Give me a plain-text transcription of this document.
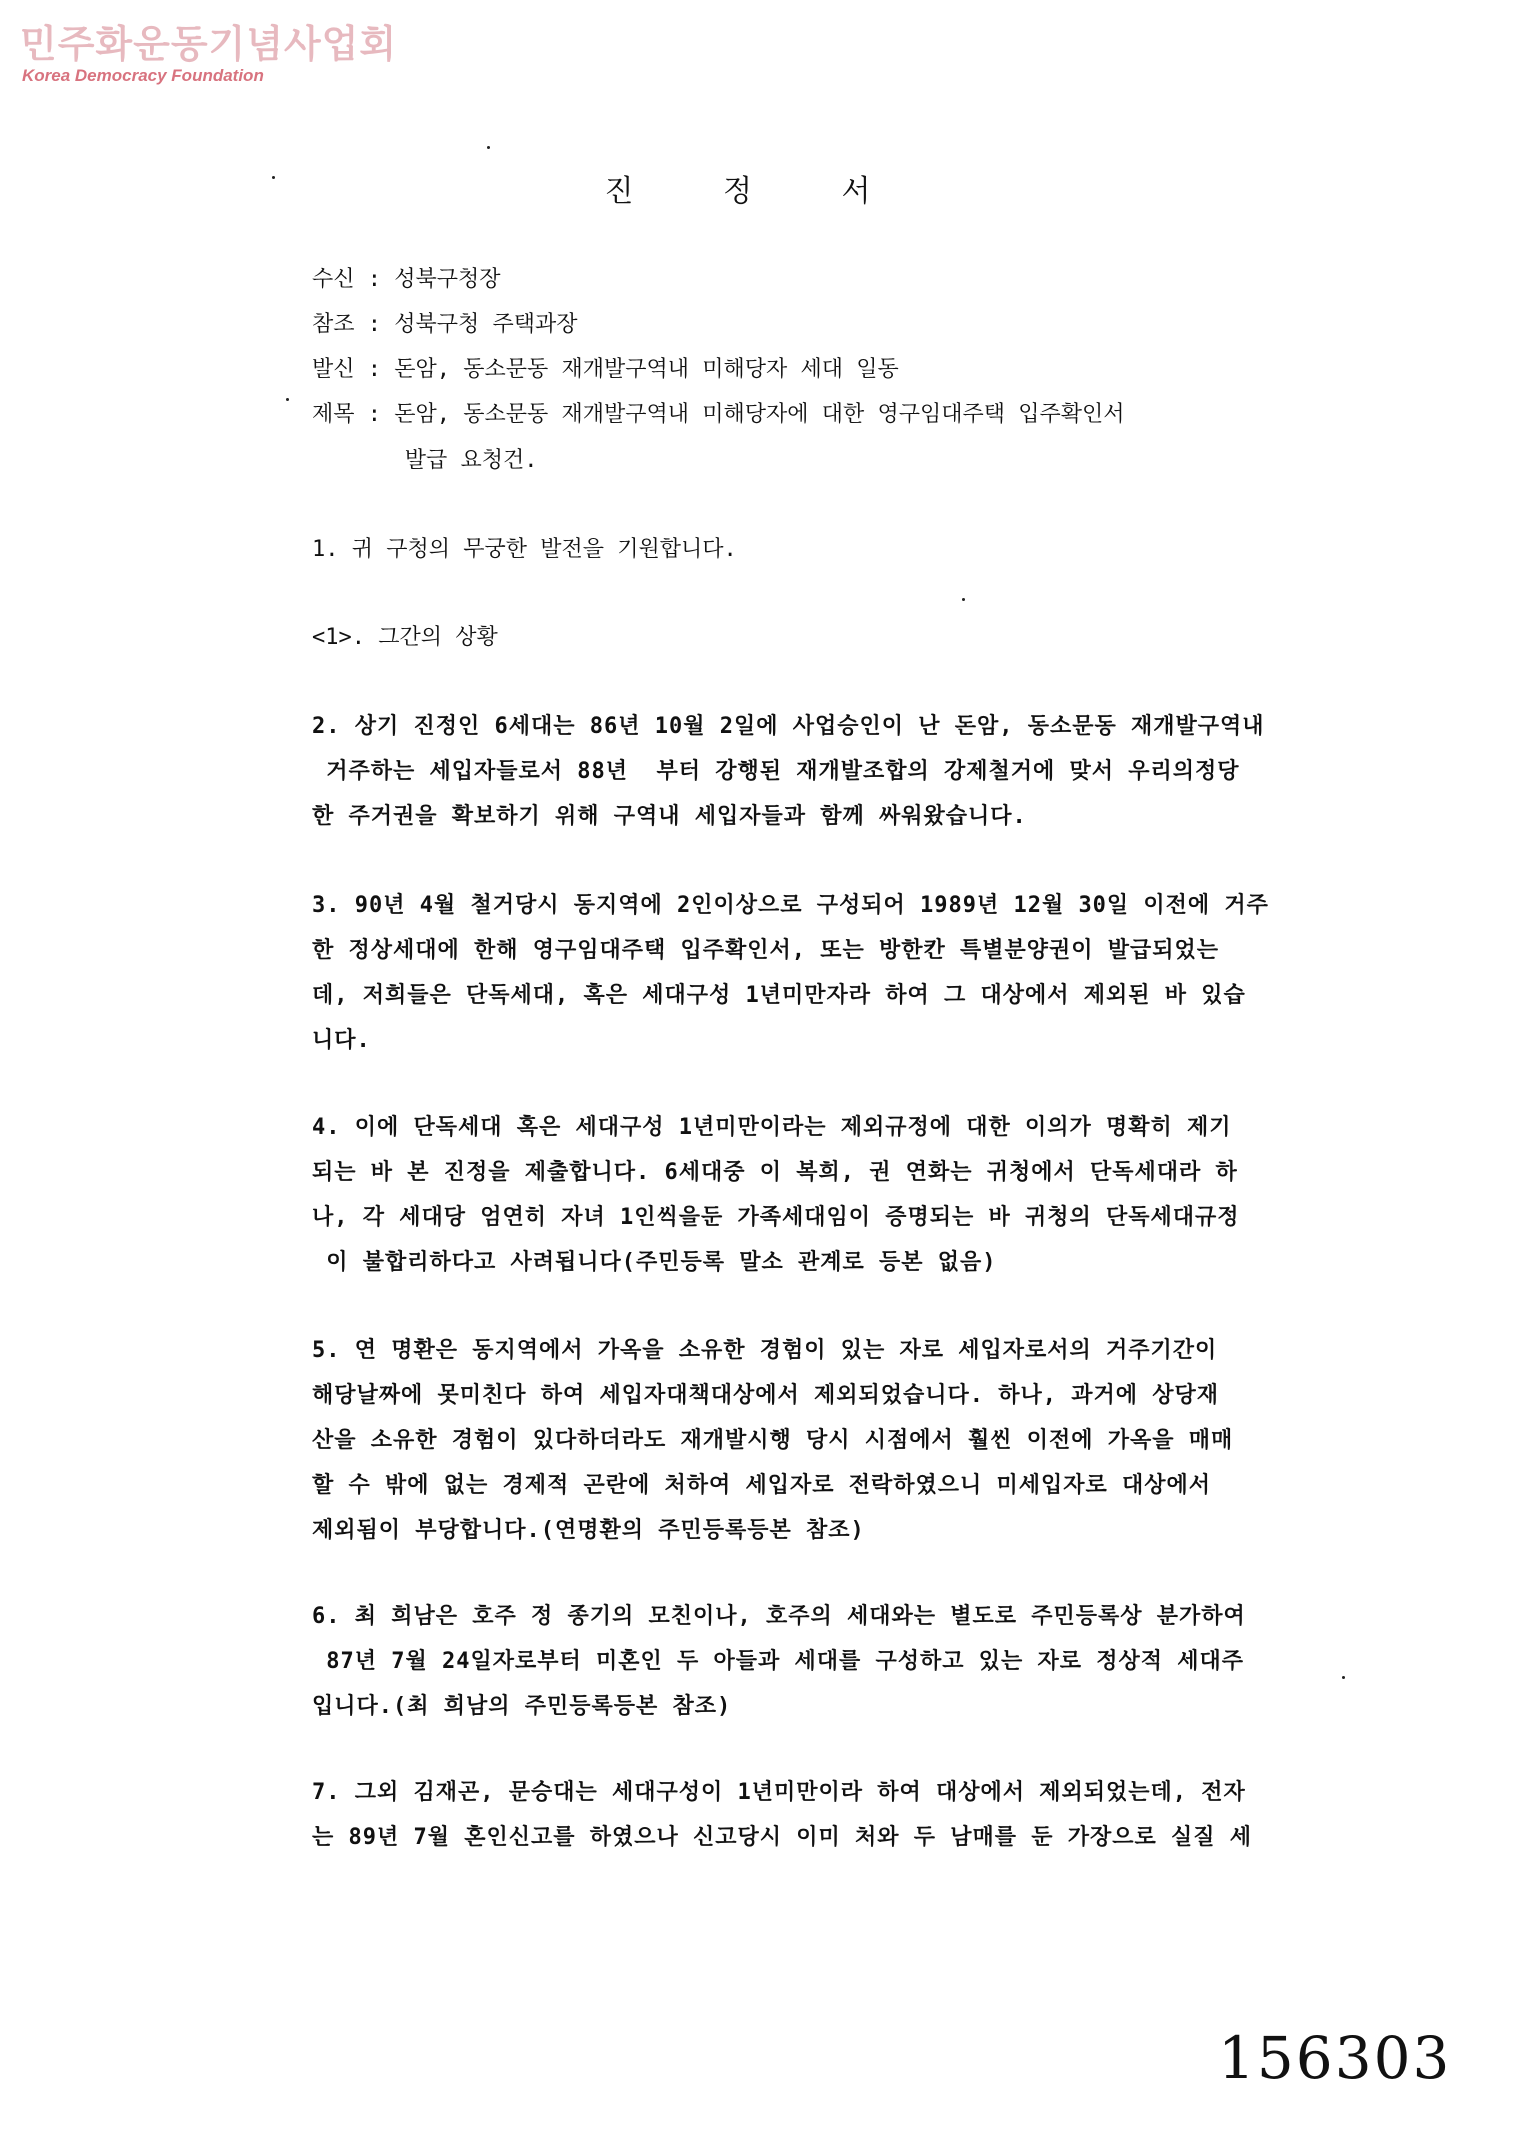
민주화운동기념사업회
Korea Democracy Foundation
진 정 서
수신 : 성북구청장
참조 : 성북구청 주택과장
발신 : 돈암, 동소문동 재개발구역내 미해당자 세대 일동
제목 : 돈암, 동소문동 재개발구역내 미해당자에 대한 영구임대주택 입주확인서
발급 요청건.
1. 귀 구청의 무궁한 발전을 기원합니다.
<1>. 그간의 상황
2. 상기 진정인 6세대는 86년 10월 2일에 사업승인이 난 돈암, 동소문동 재개발구역내
거주하는 세입자들로서 88년  부터 강행된 재개발조합의 강제철거에 맞서 우리의정당
한 주거권을 확보하기 위해 구역내 세입자들과 함께 싸워왔습니다.
3. 90년 4월 철거당시 동지역에 2인이상으로 구성되어 1989년 12월 30일 이전에 거주
한 정상세대에 한해 영구임대주택 입주확인서, 또는 방한칸 특별분양권이 발급되었는
데, 저희들은 단독세대, 혹은 세대구성 1년미만자라 하여 그 대상에서 제외된 바 있습
니다.
4. 이에 단독세대 혹은 세대구성 1년미만이라는 제외규정에 대한 이의가 명확히 제기
되는 바 본 진정을 제출합니다. 6세대중 이 복희, 권 연화는 귀청에서 단독세대라 하
나, 각 세대당 엄연히 자녀 1인씩을둔 가족세대임이 증명되는 바 귀청의 단독세대규정
이 불합리하다고 사려됩니다(주민등록 말소 관계로 등본 없음)
5. 연 명환은 동지역에서 가옥을 소유한 경험이 있는 자로 세입자로서의 거주기간이
해당날짜에 못미친다 하여 세입자대책대상에서 제외되었습니다. 하나, 과거에 상당재
산을 소유한 경험이 있다하더라도 재개발시행 당시 시점에서 훨씬 이전에 가옥을 매매
할 수 밖에 없는 경제적 곤란에 처하여 세입자로 전락하였으니 미세입자로 대상에서
제외됨이 부당합니다.(연명환의 주민등록등본 참조)
6. 최 희남은 호주 정 종기의 모친이나, 호주의 세대와는 별도로 주민등록상 분가하여
87년 7월 24일자로부터 미혼인 두 아들과 세대를 구성하고 있는 자로 정상적 세대주
입니다.(최 희남의 주민등록등본 참조)
7. 그외 김재곤, 문승대는 세대구성이 1년미만이라 하여 대상에서 제외되었는데, 전자
는 89년 7월 혼인신고를 하였으나 신고당시 이미 처와 두 남매를 둔 가장으로 실질 세
156303
